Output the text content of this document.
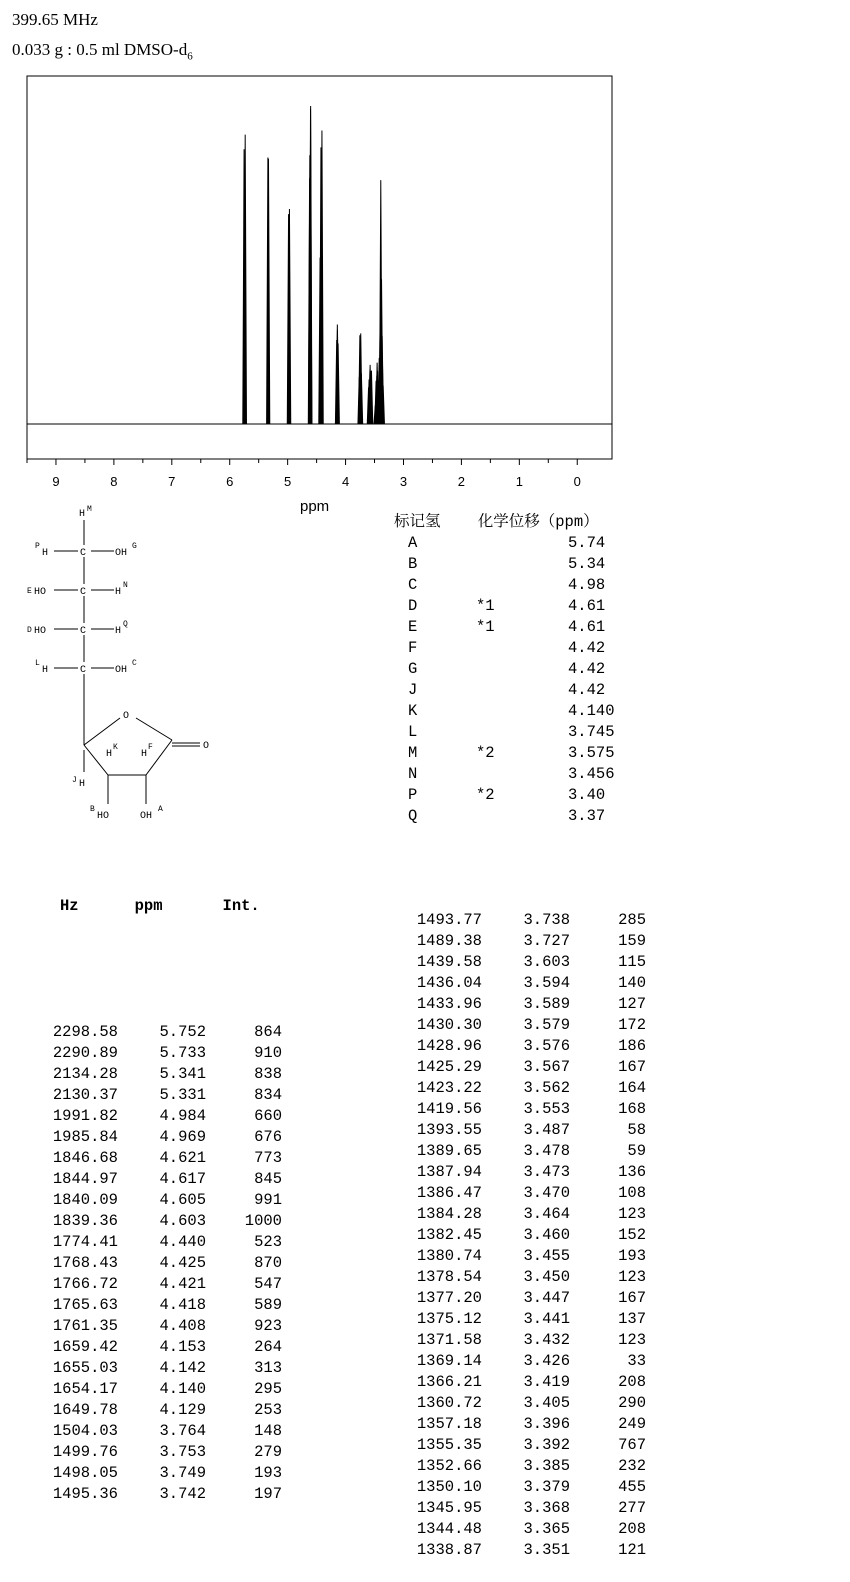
399.65 MHz
0.033 g : 0.5 ml DMSO-$d_6$
9	8	7	6	5	4	3	2	1	0
ppm
H M
P
H	C	OH
G
E HO	C	H
N
D HO	C	H
Q
L
H	C	OH
C
O
H
K
H
F	O
J H
B
HO	OH
A
标记氢 化学位移（ppm）
A	5.74
B	5.34
C	4.98
D	*1	4.61
E	*1	4.61
F	4.42
G	4.42
J	4.42
K	4.140
L	3.745
M	*2	3.575
N	3.456
P	*2	3.40
Q	3.37

Hz	ppm	Int.

2298.58	5.752	864
2290.89	5.733	910
2134.28	5.341	838
2130.37	5.331	834
1991.82	4.984	660
1985.84	4.969	676
1846.68	4.621	773
1844.97	4.617	845
1840.09	4.605	991
1839.36	4.603	1000
1774.41	4.440	523
1768.43	4.425	870
1766.72	4.421	547
1765.63	4.418	589
1761.35	4.408	923
1659.42	4.153	264
1655.03	4.142	313
1654.17	4.140	295
1649.78	4.129	253
1504.03	3.764	148
1499.76	3.753	279
1498.05	3.749	193
1495.36	3.742	197

1493.77	3.738	285
1489.38	3.727	159
1439.58	3.603	115
1436.04	3.594	140
1433.96	3.589	127
1430.30	3.579	172
1428.96	3.576	186
1425.29	3.567	167
1423.22	3.562	164
1419.56	3.553	168
1393.55	3.487	58
1389.65	3.478	59
1387.94	3.473	136
1386.47	3.470	108
1384.28	3.464	123
1382.45	3.460	152
1380.74	3.455	193
1378.54	3.450	123
1377.20	3.447	167
1375.12	3.441	137
1371.58	3.432	123
1369.14	3.426	33
1366.21	3.419	208
1360.72	3.405	290
1357.18	3.396	249
1355.35	3.392	767
1352.66	3.385	232
1350.10	3.379	455
1345.95	3.368	277
1344.48	3.365	208
1338.87	3.351	121
